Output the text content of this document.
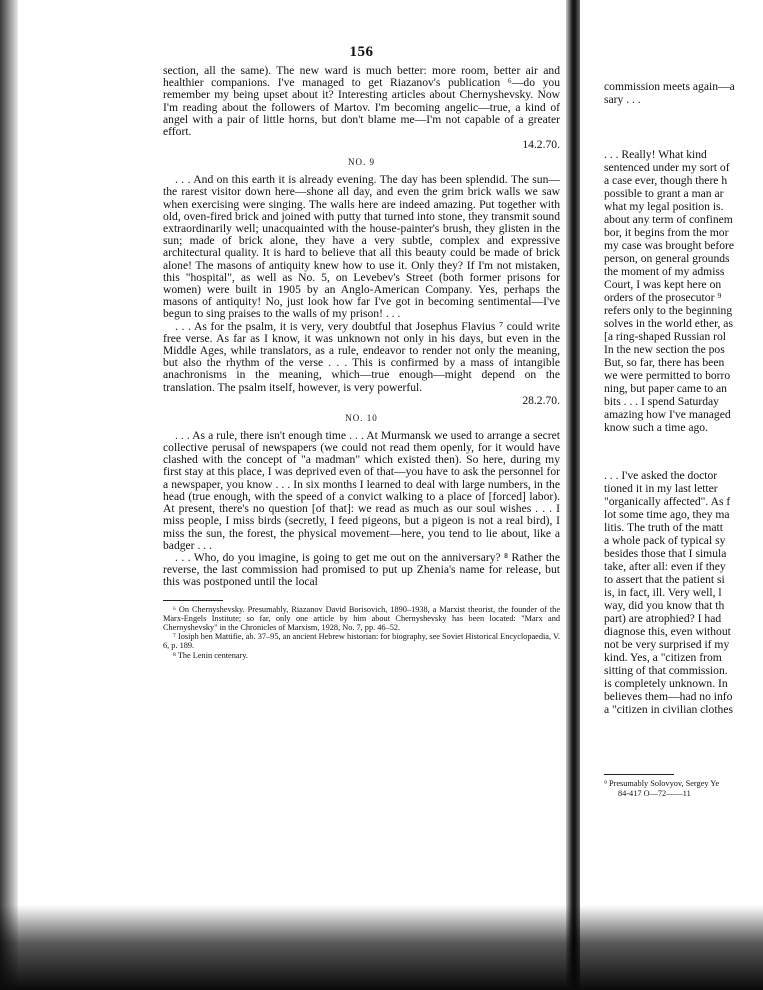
156

section, all the same). The new ward is much better: more room, better air and healthier companions. I've managed to get Riazanov's publication ⁶—do you remember my being upset about it? Interesting articles about Chernyshevsky. Now I'm reading about the followers of Martov. I'm becoming angelic—true, a kind of angel with a pair of little horns, but don't blame me—I'm not capable of a greater effort.

14.2.70.

NO. 9

. . . And on this earth it is already evening. The day has been splendid. The sun—the rarest visitor down here—shone all day, and even the grim brick walls we saw when exercising were singing. The walls here are indeed amazing. Put together with old, oven-fired brick and joined with putty that turned into stone, they transmit sound extraordinarily well; unacquainted with the house-painter's brush, they glisten in the sun; made of brick alone, they have a very subtle, complex and expressive architectural quality. It is hard to believe that all this beauty could be made of brick alone! The masons of antiquity knew how to use it. Only they? If I'm not mistaken, this "hospital", as well as No. 5, on Levebev's Street (both former prisons for women) were built in 1905 by an Anglo-American Company. Yes, perhaps the masons of antiquity! No, just look how far I've got in becoming sentimental—I've begun to sing praises to the walls of my prison! . . .

. . . As for the psalm, it is very, very doubtful that Josephus Flavius ⁷ could write free verse. As far as I know, it was unknown not only in his days, but even in the Middle Ages, while translators, as a rule, endeavor to render not only the meaning, but also the rhythm of the verse . . . This is confirmed by a mass of intangible anachronisms in the meaning, which—true enough—might depend on the translation. The psalm itself, however, is very powerful.

28.2.70.

NO. 10

. . . As a rule, there isn't enough time . . . At Murmansk we used to arrange a secret collective perusal of newspapers (we could not read them openly, for it would have clashed with the concept of "a madman" which existed then). So here, during my first stay at this place, I was deprived even of that—you have to ask the personnel for a newspaper, you know . . . In six months I learned to deal with large numbers, in the head (true enough, with the speed of a convict walking to a place of [forced] labor). At present, there's no question [of that]: we read as much as our soul wishes . . . I miss people, I miss birds (secretly, I feed pigeons, but a pigeon is not a real bird), I miss the sun, the forest, the physical movement—here, you tend to lie about, like a badger . . .

. . . Who, do you imagine, is going to get me out on the anniversary? ⁸ Rather the reverse, the last commission had promised to put up Zhenia's name for release, but this was postponed until the local

⁶ On Chernyshevsky. Presumably, Riazanov David Borisovich, 1890–1938, a Marxist theorist, the founder of the Marx-Engels Institute; so far, only one article by him about Chernyshevsky has been located: "Marx and Chernyshevsky" in the Chronicles of Marxism, 1928, No. 7, pp. 46–52.

⁷ Iosiph ben Mattifie, ab. 37–95, an ancient Hebrew historian: for biography, see Soviet Historical Encyclopaedia, V. 6, p. 189.

⁸ The Lenin centenary.

commission meets again—a

sary . . .

. . . Really! What kind

sentenced under my sort of

a case ever, though there h

possible to grant a man ar

what my legal position is.

about any term of confinem

bor, it begins from the mor

my case was brought before

person, on general grounds

the moment of my admiss

Court, I was kept here on

orders of the prosecutor ⁹

refers only to the beginning

solves in the world ether, as

[a ring-shaped Russian rol

In the new section the pos

But, so far, there has been

we were permitted to borro

ning, but paper came to an

bits . . . I spend Saturday

amazing how I've managed

know such a time ago.

. . . I've asked the doctor

tioned it in my last letter

"organically affected". As f

lot some time ago, they ma

litis. The truth of the matt

a whole pack of typical sy

besides those that I simula

take, after all: even if they

to assert that the patient si

is, in fact, ill. Very well, l

way, did you know that th

part) are atrophied? I had

diagnose this, even without

not be very surprised if my

kind. Yes, a "citizen from

sitting of that commission.

is completely unknown. In

believes them—had no info

a "citizen in civilian clothes

⁹ Presumably Solovyov, Sergey Ye

84-417 O—72——11
